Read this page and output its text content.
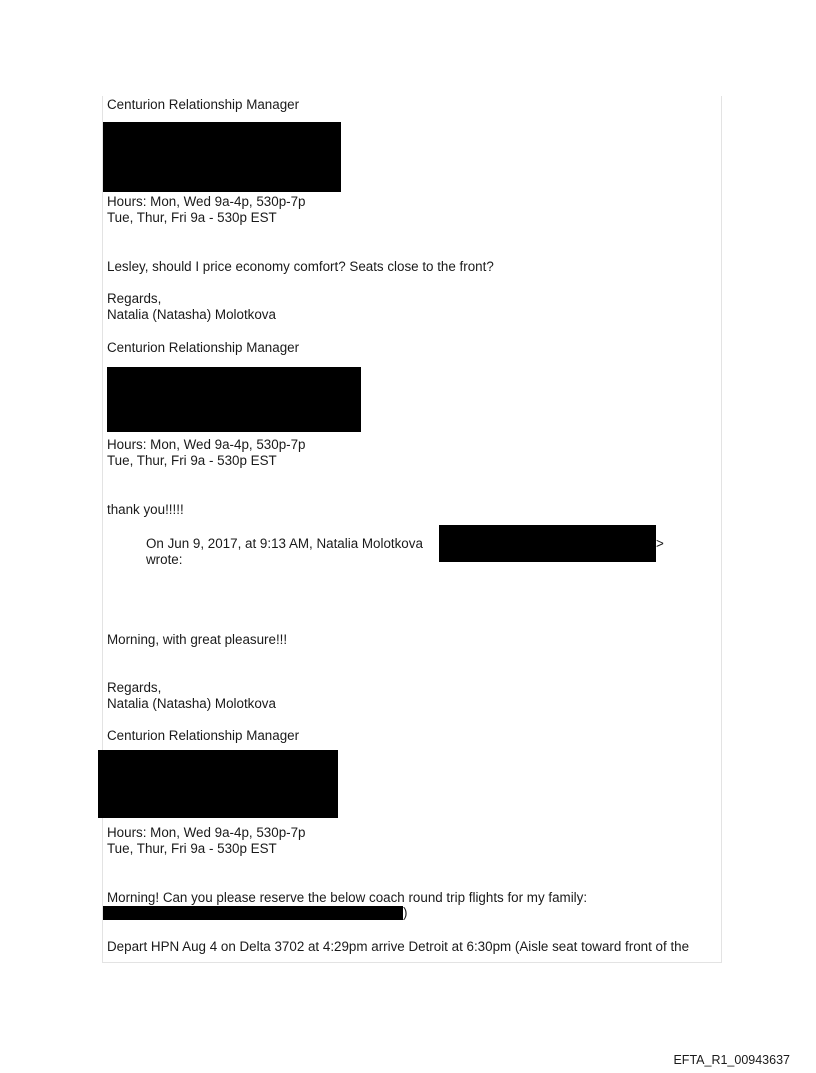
Centurion Relationship Manager
Hours: Mon, Wed 9a-4p, 530p-7p
Tue, Thur, Fri 9a - 530p EST
Lesley, should I price economy comfort? Seats close to the front?
Regards,
Natalia (Natasha) Molotkova
Centurion Relationship Manager
Hours: Mon, Wed 9a-4p, 530p-7p
Tue, Thur, Fri 9a - 530p EST
thank you!!!!!
On Jun 9, 2017, at 9:13 AM, Natalia Molotkova	>
wrote:
Morning, with great pleasure!!!
Regards,
Natalia (Natasha) Molotkova
Centurion Relationship Manager
Hours: Mon, Wed 9a-4p, 530p-7p
Tue, Thur, Fri 9a - 530p EST
Morning! Can you please reserve the below coach round trip flights for my family:
)
Depart HPN Aug 4 on Delta 3702 at 4:29pm arrive Detroit at 6:30pm (Aisle seat toward front of the
EFTA_R1_00943637
